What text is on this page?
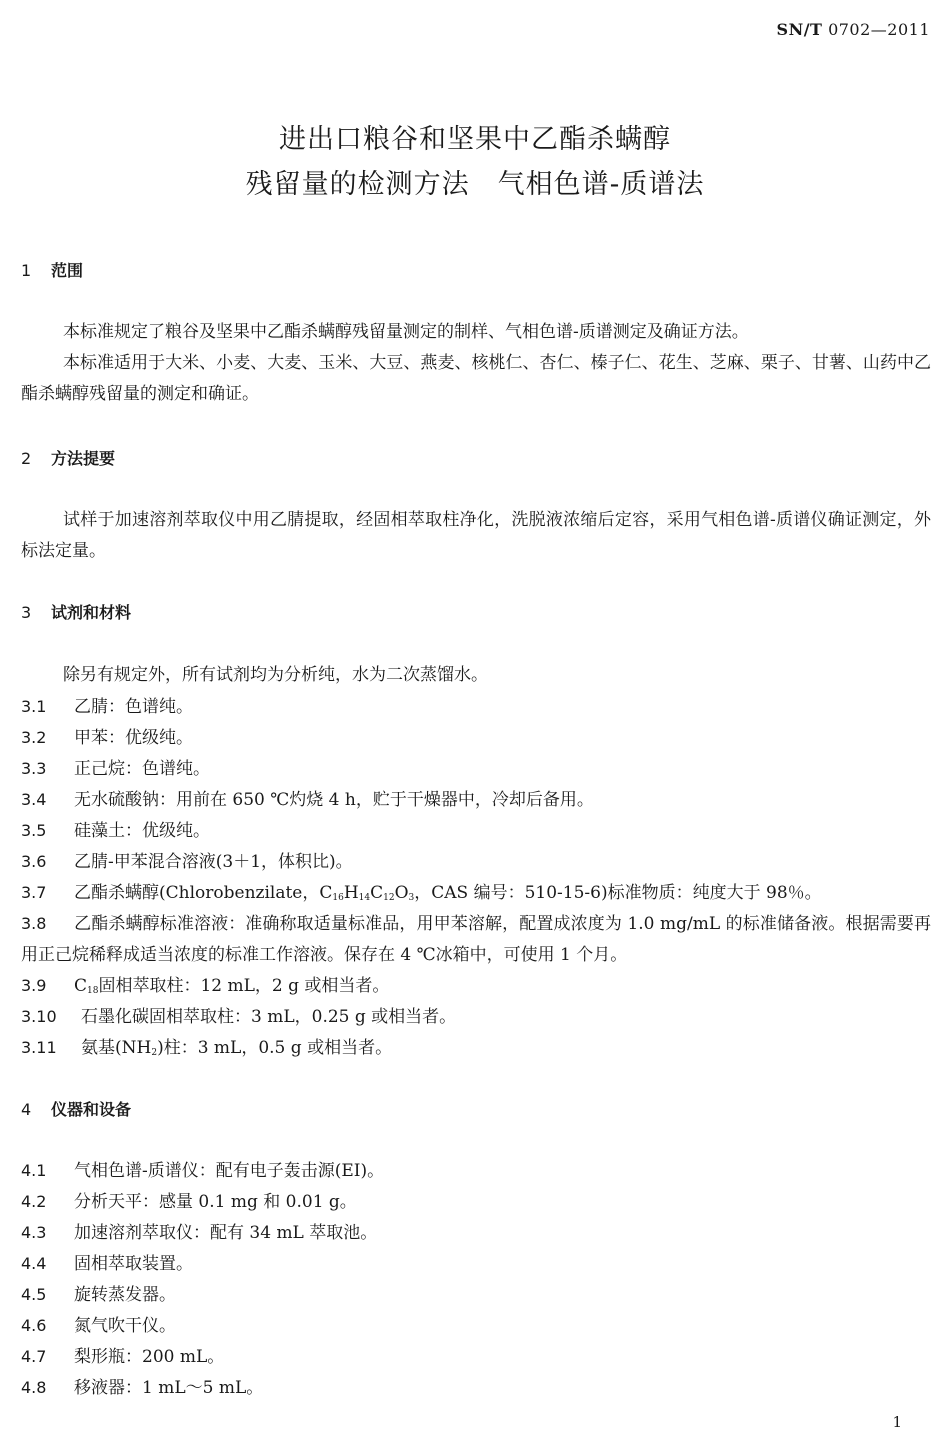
SN/T 0702—2011
进出口粮谷和坚果中乙酯杀螨醇
残留量的检测方法　气相色谱-质谱法
1 范围
本标准规定了粮谷及坚果中乙酯杀螨醇残留量测定的制样、气相色谱-质谱测定及确证方法。
本标准适用于大米、小麦、大麦、玉米、大豆、燕麦、核桃仁、杏仁、榛子仁、花生、芝麻、栗子、甘薯、山药中乙酯杀螨醇残留量的测定和确证。
2 方法提要
试样于加速溶剂萃取仪中用乙腈提取，经固相萃取柱净化，洗脱液浓缩后定容，采用气相色谱-质谱仪确证测定，外标法定量。
3 试剂和材料
除另有规定外，所有试剂均为分析纯，水为二次蒸馏水。
3.1 乙腈：色谱纯。
3.2 甲苯：优级纯。
3.3 正己烷：色谱纯。
3.4 无水硫酸钠：用前在 650 ℃灼烧 4 h，贮于干燥器中，冷却后备用。
3.5 硅藻土：优级纯。
3.6 乙腈-甲苯混合溶液(3＋1，体积比)。
3.7 乙酯杀螨醇(Chlorobenzilate，$C_{16}H_{14}C_{12}O_3$，CAS 编号：510-15-6)标准物质：纯度大于 98％。
3.8 乙酯杀螨醇标准溶液：准确称取适量标准品，用甲苯溶解，配置成浓度为 1.0 mg/mL 的标准储备液。根据需要再用正己烷稀释成适当浓度的标准工作溶液。保存在 4 ℃冰箱中，可使用 1 个月。
3.9 $C_{18}$固相萃取柱：12 mL，2 g 或相当者。
3.10 石墨化碳固相萃取柱：3 mL，0.25 g 或相当者。
3.11 氨基$(NH_2)$柱：3 mL，0.5 g 或相当者。
4 仪器和设备
4.1 气相色谱-质谱仪：配有电子轰击源(EI)。
4.2 分析天平：感量 0.1 mg 和 0.01 g。
4.3 加速溶剂萃取仪：配有 34 mL 萃取池。
4.4 固相萃取装置。
4.5 旋转蒸发器。
4.6 氮气吹干仪。
4.7 梨形瓶：200 mL。
4.8 移液器：1 mL～5 mL。
1
